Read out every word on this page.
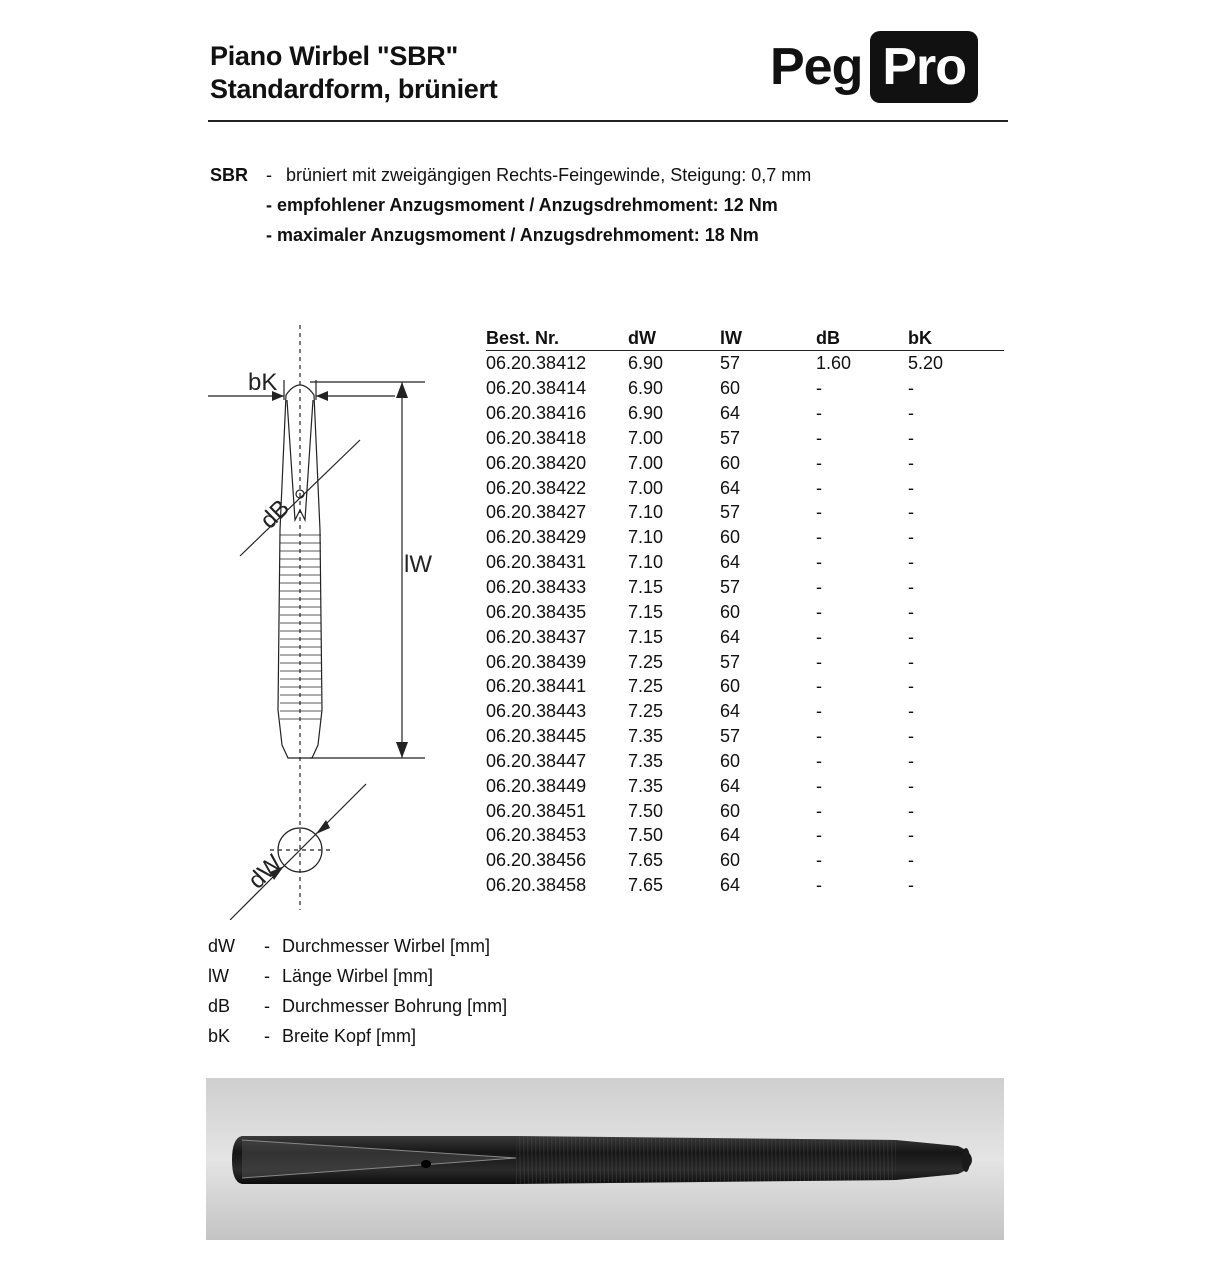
Piano Wirbel "SBR"
Standardform, brüniert	Peg Pro
SBR - brüniert mit zweigängigen Rechts-Feingewinde, Steigung: 0,7 mm
- empfohlener Anzugsmoment / Anzugsdrehmoment: 12 Nm
- maximaler Anzugsmoment / Anzugsdrehmoment: 18 Nm
bK
lW
dB
dW
Best. Nr.	dW	lW	dB	bK
06.20.38412	6.90	57	1.60	5.20
06.20.38414	6.90	60	-	-
06.20.38416	6.90	64	-	-
06.20.38418	7.00	57	-	-
06.20.38420	7.00	60	-	-
06.20.38422	7.00	64	-	-
06.20.38427	7.10	57	-	-
06.20.38429	7.10	60	-	-
06.20.38431	7.10	64	-	-
06.20.38433	7.15	57	-	-
06.20.38435	7.15	60	-	-
06.20.38437	7.15	64	-	-
06.20.38439	7.25	57	-	-
06.20.38441	7.25	60	-	-
06.20.38443	7.25	64	-	-
06.20.38445	7.35	57	-	-
06.20.38447	7.35	60	-	-
06.20.38449	7.35	64	-	-
06.20.38451	7.50	60	-	-
06.20.38453	7.50	64	-	-
06.20.38456	7.65	60	-	-
06.20.38458	7.65	64	-	-
dW	- Durchmesser Wirbel [mm]
lW	- Länge Wirbel [mm]
dB	- Durchmesser Bohrung [mm]
bK	- Breite Kopf [mm]
